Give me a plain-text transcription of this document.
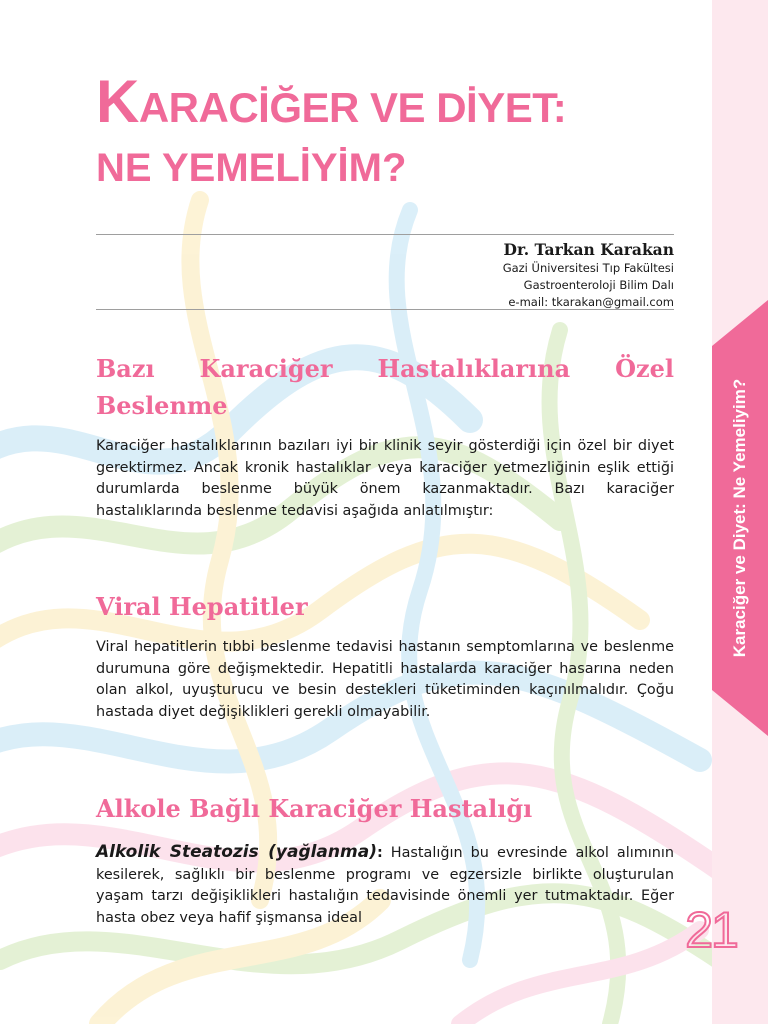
Karaciğer ve Diyet: Ne Yemeliyim?
KARACİĞER VE DİYET:
NE YEMELİYİM?
Dr. Tarkan Karakan
Gazi Üniversitesi Tıp Fakültesi
Gastroenteroloji Bilim Dalı
e-mail: tkarakan@gmail.com
Bazı Karaciğer Hastalıklarına Özel Beslenme
Karaciğer hastalıklarının bazıları iyi bir klinik seyir gösterdiği için özel bir diyet gerektirmez. Ancak kronik hastalıklar veya karaciğer yetmezliğinin eşlik ettiği durumlarda beslenme büyük önem kazanmaktadır. Bazı karaciğer hastalıklarında beslenme tedavisi aşağıda anlatılmıştır:
Viral Hepatitler
Viral hepatitlerin tıbbi beslenme tedavisi hastanın semptomlarına ve beslenme durumuna göre değişmektedir. Hepatitli hastalarda karaciğer hasarına neden olan alkol, uyuşturucu ve besin destekleri tüketiminden kaçınılmalıdır. Çoğu hastada diyet değişiklikleri gerekli olmayabilir.
Alkole Bağlı Karaciğer Hastalığı
Alkolik Steatozis (yağlanma): Hastalığın bu evresinde alkol alımının kesilerek, sağlıklı bir beslenme programı ve egzersizle birlikte oluşturulan yaşam tarzı değişiklikleri hastalığın tedavisinde önemli yer tutmaktadır. Eğer hasta obez veya hafif şişmansa ideal	21
